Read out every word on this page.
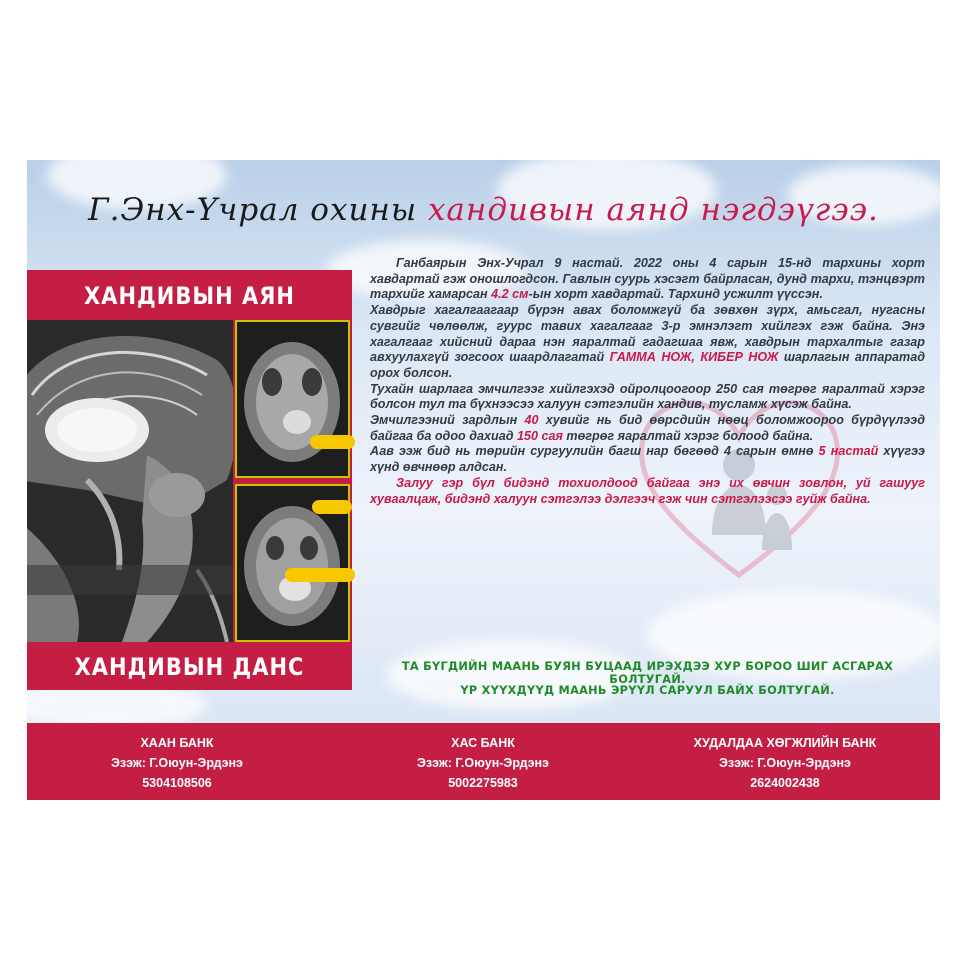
Г.Энх-Үчрал охины хандивын аянд нэгдэүгээ.
ХАНДИВЫН АЯН
ХАНДИВЫН ДАНС

Ганбаярын Энх-Учрал 9 настай. 2022 оны 4 сарын 15-нд тархины хорт хавдартай гэж оношлогдсон. Гавлын суурь хэсэгт байрласан, дунд тархи, тэнцвэрт тархийг хамарсан 4.2 см-ын хорт хавдартай. Тархинд усжилт үүссэн.

Хавдрыг хагалгаагаар бүрэн авах боломжгүй ба зөвхөн зүрх, амьсгал, нугасны сувгийг чөлөөлж, гуурс тавих хагалгааг 3-р эмнэлэгт хийлгэх гэж байна. Энэ хагалгааг хийсний дараа нэн яаралтай гадагшаа явж, хавдрын тархалтыг газар авхуулахгүй зогсоох шаардлагатай ГАММА НОЖ, КИБЕР НОЖ шарлагын аппаратад орох болсон.

Тухайн шарлага эмчилгээг хийлгэхэд ойролцоогоор 250 сая төгрөг яаралтай хэрэг болсон тул та бүхнээсээ халуун сэтгэлийн хандив, тусламж хүсэж байна.

Эмчилгээний зардлын 40 хувийг нь бид өөрсдийн нөөц боломжоороо бүрдүүлээд байгаа ба одоо дахиад 150 сая төгрөг яаралтай хэрэг болоод байна.

Аав ээж бид нь төрийн сургуулийн багш нар бөгөөд 4 сарын өмнө 5 настай хүүгээ хүнд өвчнөөр алдсан.

Залуу гэр бүл бидэнд тохиолдоод байгаа энэ их өвчин зовлон, уй гашууг хуваалцаж, бидэнд халуун сэтгэлээ дэлгээч гэж чин сэтгэлээсээ гуйж байна.

ТА БҮГДИЙН МААНЬ БУЯН БУЦААД ИРЭХДЭЭ ХУР БОРОО ШИГ АСГАРАХ БОЛТУГАЙ.
ҮР ХҮҮХДҮҮД МААНЬ ЭРҮҮЛ САРУУЛ БАЙХ БОЛТУГАЙ.
ХААН БАНК
Эзэж: Г.Оюун-Эрдэнэ
5304108506
ХАС БАНК
Эзэж: Г.Оюун-Эрдэнэ
5002275983
ХУДАЛДАА ХӨГЖЛИЙН БАНК
Эзэж: Г.Оюун-Эрдэнэ
2624002438
